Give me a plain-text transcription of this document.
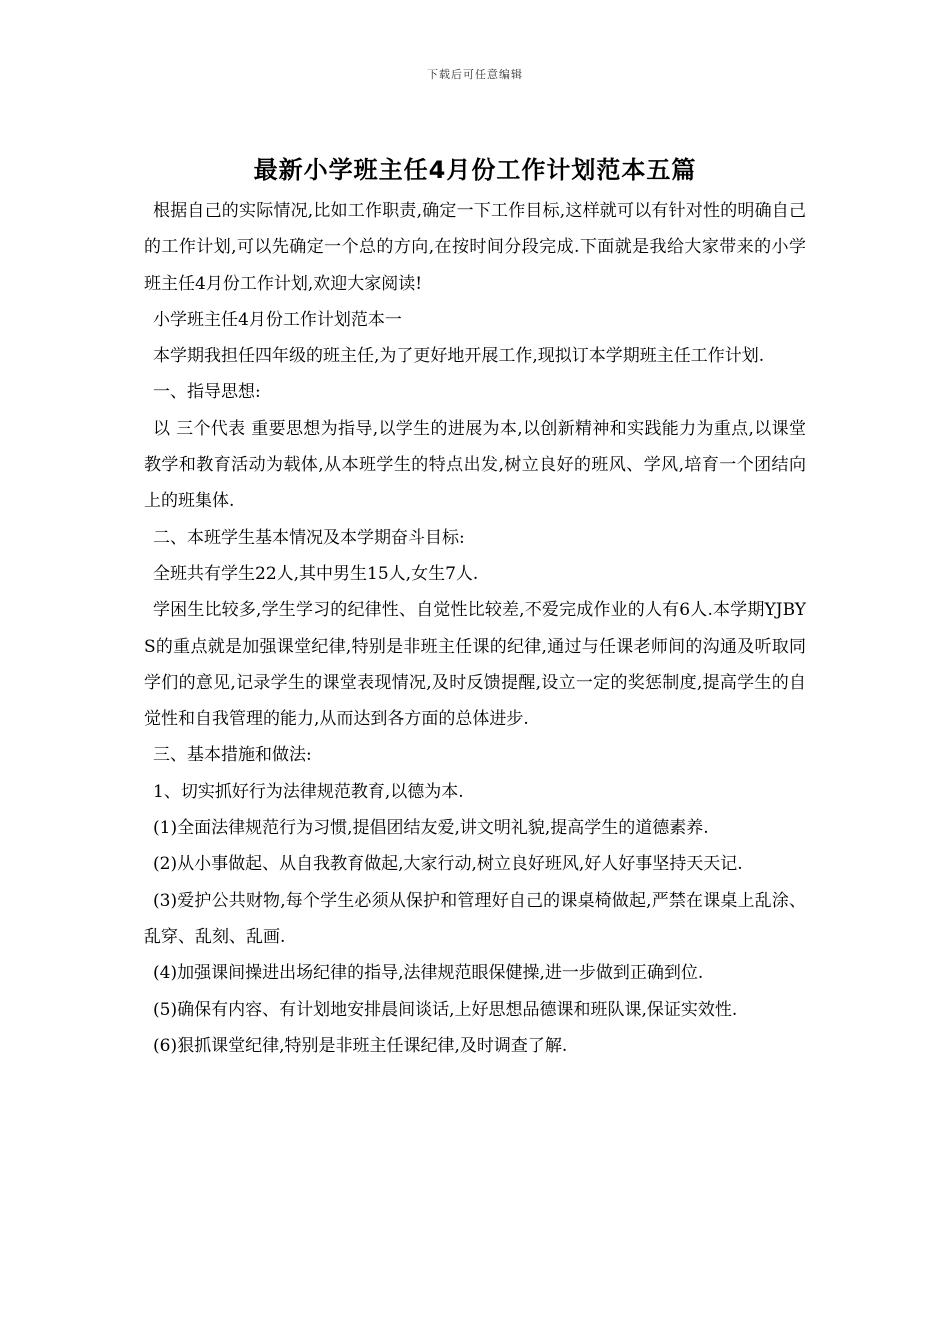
下载后可任意编辑
最新小学班主任4月份工作计划范本五篇

根据自己的实际情况,比如工作职责,确定一下工作目标,这样就可以有针对性的明确自己的工作计划,可以先确定一个总的方向,在按时间分段完成.下面就是我给大家带来的小学班主任4月份工作计划,欢迎大家阅读!

小学班主任4月份工作计划范本一

本学期我担任四年级的班主任,为了更好地开展工作,现拟订本学期班主任工作计划.

一、指导思想:

以 三个代表 重要思想为指导,以学生的进展为本,以创新精神和实践能力为重点,以课堂教学和教育活动为载体,从本班学生的特点出发,树立良好的班风、学风,培育一个团结向上的班集体.

二、本班学生基本情况及本学期奋斗目标:

全班共有学生22人,其中男生15人,女生7人.

学困生比较多,学生学习的纪律性、自觉性比较差,不爱完成作业的人有6人.本学期YJBYS的重点就是加强课堂纪律,特别是非班主任课的纪律,通过与任课老师间的沟通及听取同学们的意见,记录学生的课堂表现情况,及时反馈提醒,设立一定的奖惩制度,提高学生的自觉性和自我管理的能力,从而达到各方面的总体进步.

三、基本措施和做法:

1、切实抓好行为法律规范教育,以德为本.

(1)全面法律规范行为习惯,提倡团结友爱,讲文明礼貌,提高学生的道德素养.

(2)从小事做起、从自我教育做起,大家行动,树立良好班风,好人好事坚持天天记.

(3)爱护公共财物,每个学生必须从保护和管理好自己的课桌椅做起,严禁在课桌上乱涂、乱穿、乱刻、乱画.

(4)加强课间操进出场纪律的指导,法律规范眼保健操,进一步做到正确到位.

(5)确保有内容、有计划地安排晨间谈话,上好思想品德课和班队课,保证实效性.

(6)狠抓课堂纪律,特别是非班主任课纪律,及时调查了解.
